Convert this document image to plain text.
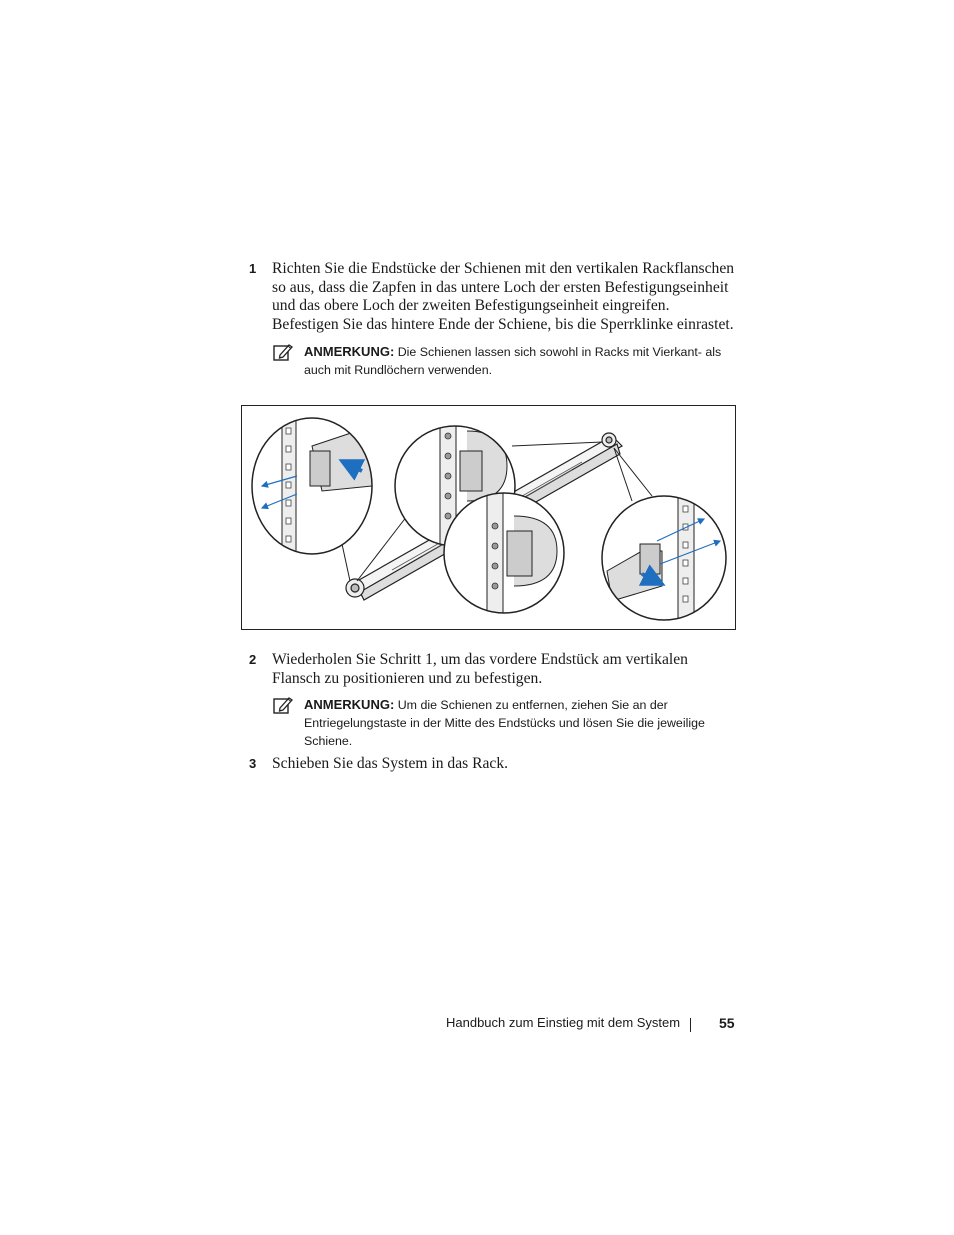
1 Richten Sie die Endstücke der Schienen mit den vertikalen Rackflanschen so aus, dass die Zapfen in das untere Loch der ersten Befestigungseinheit und das obere Loch der zweiten Befestigungseinheit eingreifen. Befestigen Sie das hintere Ende der Schiene, bis die Sperrklinke einrastet.
ANMERKUNG: Die Schienen lassen sich sowohl in Racks mit Vierkant- als auch mit Rundlöchern verwenden.
2 Wiederholen Sie Schritt 1, um das vordere Endstück am vertikalen Flansch zu positionieren und zu befestigen.
ANMERKUNG: Um die Schienen zu entfernen, ziehen Sie an der Entriegelungstaste in der Mitte des Endstücks und lösen Sie die jeweilige Schiene.
3 Schieben Sie das System in das Rack.
Handbuch zum Einstieg mit dem System	55
